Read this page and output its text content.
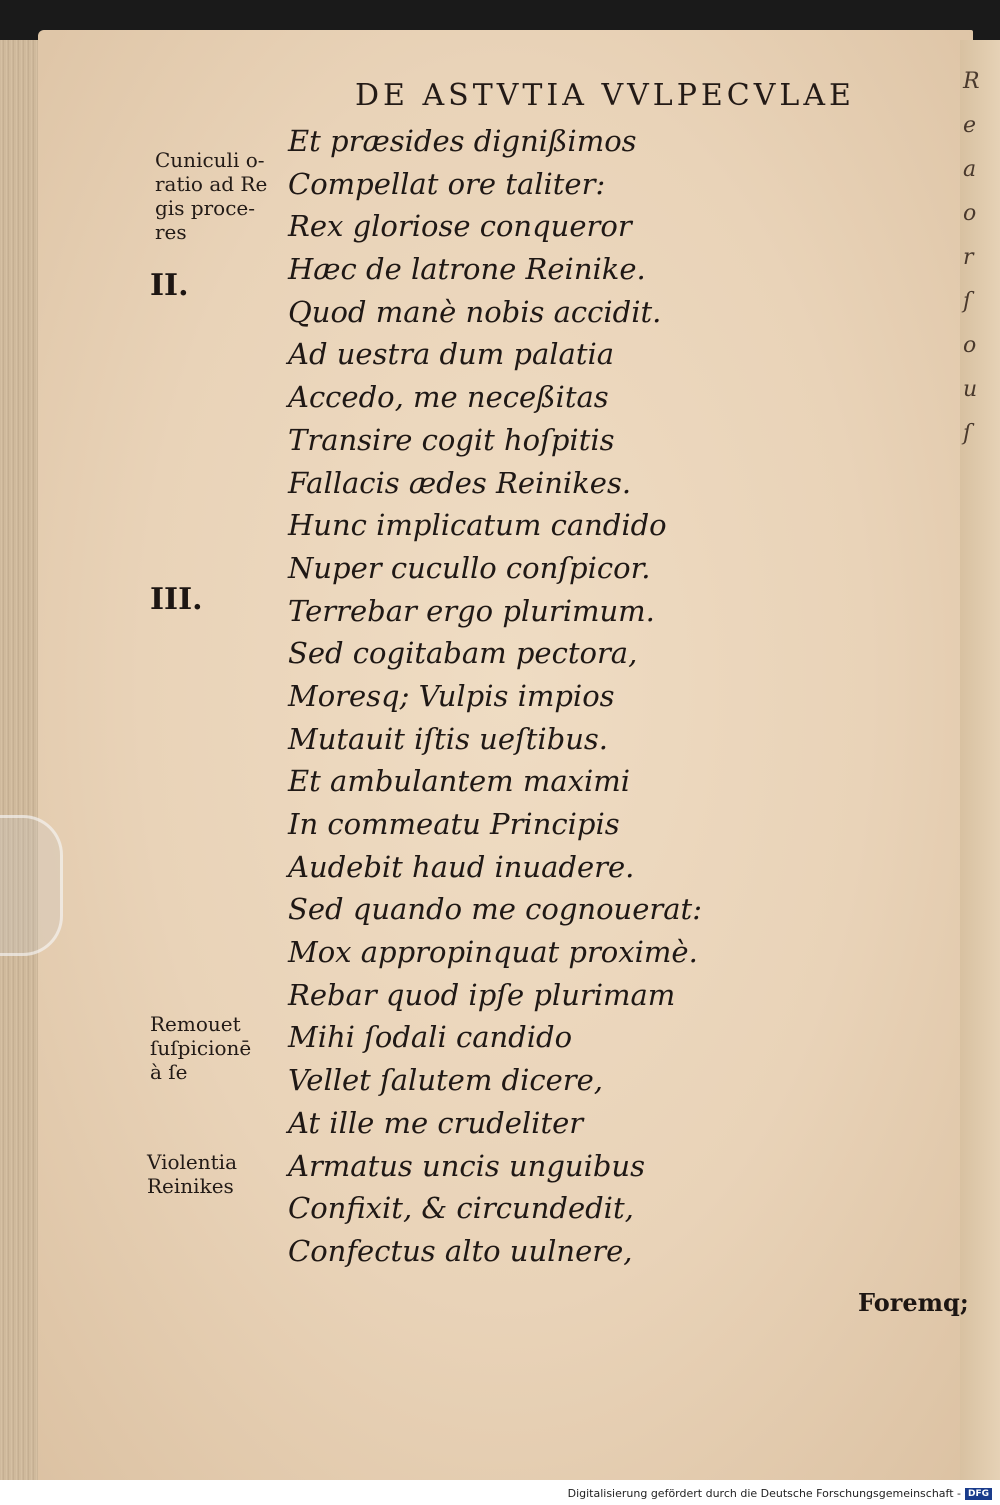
R
e
a
o
r
ſ
o
u
ſ
DE ASTVTIA VVLPECVLAE
Et præsides dignißimos
Compellat ore taliter:
Rex gloriose conqueror
Hæc de latrone Reinike.
Quod manè nobis accidit.
Ad uestra dum palatia
Accedo, me neceßitas
Transire cogit hoſpitis
Fallacis ædes Reinikes.
Hunc implicatum candido
Nuper cucullo conſpicor.
Terrebar ergo plurimum.
Sed cogitabam pectora,
Moresq; Vulpis impios
Mutauit iſtis ueſtibus.
Et ambulantem maximi
In commeatu Principis
Audebit haud inuadere.
Sed quando me cognouerat:
Mox appropinquat proximè.
Rebar quod ipſe plurimam
Mihi ſodali candido
Vellet ſalutem dicere,
At ille me crudeliter
Armatus uncis unguibus
Confixit, & circundedit,
Confectus alto uulnere,
Cuniculi o-
ratio ad Re
gis proce-
res
II.
III.
Remouet
ſuſpicionē
à ſe
Violentia
Reinikes
Foremq;
Digitalisierung gefördert durch die Deutsche Forschungsgemeinschaft - DFG
